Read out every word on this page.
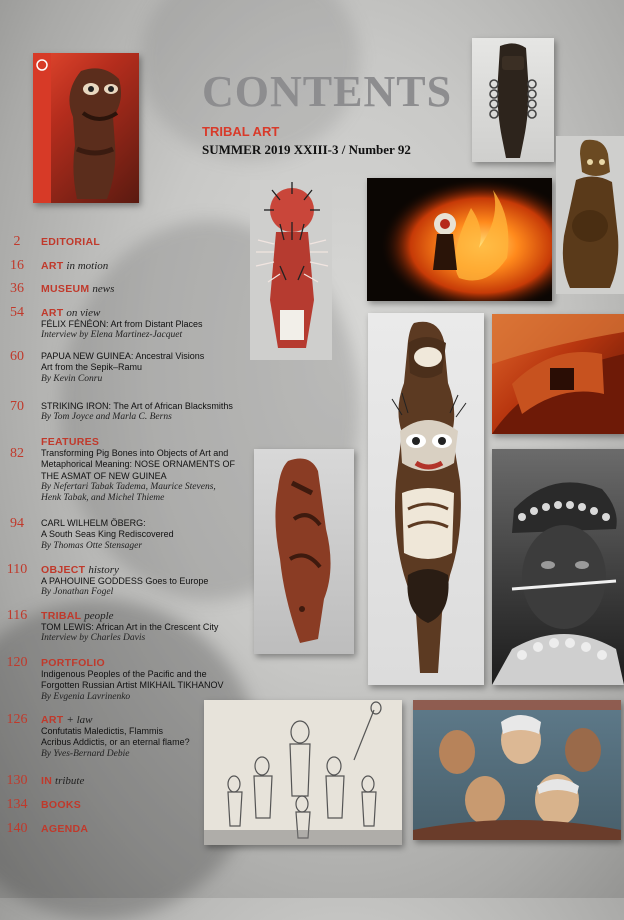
CONTENTS
TRIBAL ART
SUMMER 2019 XXIII-3 / Number 92
2	EDITORIAL
16	ART in motion
36	MUSEUM news
54	ART on view
FÉLIX FÉNÉON: Art from Distant Places
Interview by Elena Martinez-Jacquet
60	PAPUA NEW GUINEA: Ancestral Visions
Art from the Sepik–Ramu
By Kevin Conru
70	STRIKING IRON: The Art of African Blacksmiths
By Tom Joyce and Marla C. Berns
FEATURES
82	Transforming Pig Bones into Objects of Art and
Metaphorical Meaning: NOSE ORNAMENTS OF
THE ASMAT OF NEW GUINEA
By Nefertari Tabak Tadema, Maurice Stevens,
Henk Tabak, and Michel Thieme
94	CARL WILHELM ÖBERG:
A South Seas King Rediscovered
By Thomas Otte Stensager
110 OBJECT history
A PAHOUINE GODDESS Goes to Europe
By Jonathan Fogel
116 TRIBAL people
TOM LEWIS: African Art in the Crescent City
Interview by Charles Davis
120 PORTFOLIO
Indigenous Peoples of the Pacific and the
Forgotten Russian Artist MIKHAIL TIKHANOV
By Evgenia Lavrinenko
126 ART + law
Confutatis Maledictis, Flammis
Acribus Addictis, or an eternal flame?
By Yves-Bernard Debie
130 IN tribute
134 BOOKS
140 AGENDA
